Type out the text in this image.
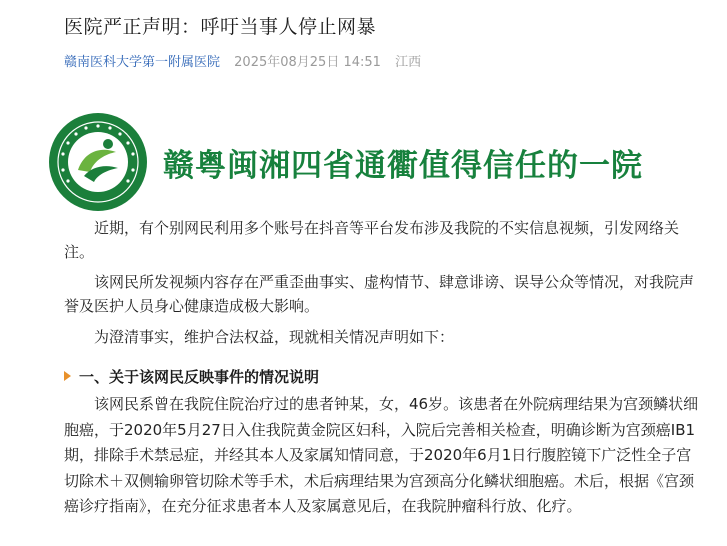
医院严正声明：呼吁当事人停止网暴
赣南医科大学第一附属医院 2025年08月25日 14:51 江西
赣粤闽湘四省通衢值得信任的一院

近期，有个别网民利用多个账号在抖音等平台发布涉及我院的不实信息视频，引发网络关注。

该网民所发视频内容存在严重歪曲事实、虚构情节、肆意诽谤、误导公众等情况，对我院声誉及医护人员身心健康造成极大影响。

为澄清事实，维护合法权益，现就相关情况声明如下：

一、关于该网民反映事件的情况说明

该网民系曾在我院住院治疗过的患者钟某，女，46岁。该患者在外院病理结果为宫颈鳞状细胞癌，于2020年5月27日入住我院黄金院区妇科，入院后完善相关检查，明确诊断为宫颈癌IB1期，排除手术禁忌症，并经其本人及家属知情同意，于2020年6月1日行腹腔镜下广泛性全子宫切除术＋双侧输卵管切除术等手术，术后病理结果为宫颈高分化鳞状细胞癌。术后，根据《宫颈癌诊疗指南》，在充分征求患者本人及家属意见后，在我院肿瘤科行放、化疗。
